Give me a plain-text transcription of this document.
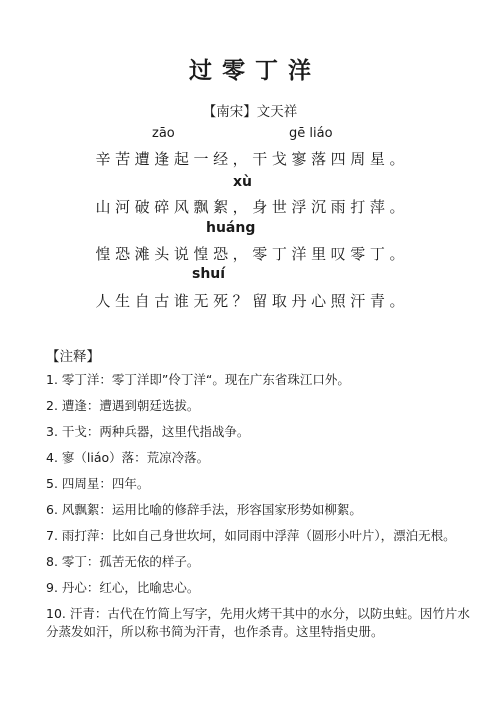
过零丁洋
【南宋】文天祥
zāo	gē liáo
辛苦遭逢起一经，干戈寥落四周星。
xù
山河破碎风飘絮，身世浮沉雨打萍。
huáng
惶恐滩头说惶恐，零丁洋里叹零丁。
shuí
人生自古谁无死？留取丹心照汗青。
【注释】
1. 零丁洋：零丁洋即”伶丁洋“。现在广东省珠江口外。
2. 遭逢：遭遇到朝廷选拔。
3. 干戈：两种兵器，这里代指战争。
4. 寥（liáo）落：荒凉冷落。
5. 四周星：四年。
6. 风飘絮：运用比喻的修辞手法，形容国家形势如柳絮。
7. 雨打萍：比如自己身世坎坷，如同雨中浮萍（圆形小叶片），漂泊无根。
8. 零丁：孤苦无依的样子。
9. 丹心：红心，比喻忠心。
10. 汗青：古代在竹简上写字，先用火烤干其中的水分，以防虫蛀。因竹片水分蒸发如汗，所以称书简为汗青，也作杀青。这里特指史册。
